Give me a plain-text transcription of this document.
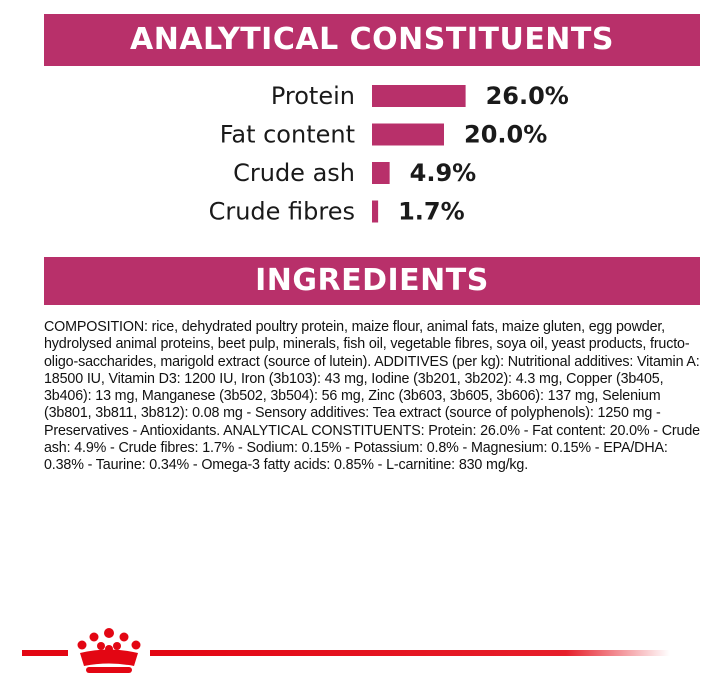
ANALYTICAL CONSTITUENTS
Protein	26.0%
Fat content	20.0%
Crude ash 4.9%
Crude fibres 1.7%
INGREDIENTS

COMPOSITION: rice, dehydrated poultry protein, maize flour, animal fats, maize gluten, egg powder, hydrolysed animal proteins, beet pulp, minerals, fish oil, vegetable fibres, soya oil, yeast products, fructo-oligo-saccharides, marigold extract (source of lutein). ADDITIVES (per kg): Nutritional additives: Vitamin A: 18500 IU, Vitamin D3: 1200 IU, Iron (3b103): 43 mg, Iodine (3b201, 3b202): 4.3 mg, Copper (3b405, 3b406): 13 mg, Manganese (3b502, 3b504): 56 mg, Zinc (3b603, 3b605, 3b606): 137 mg, Selenium (3b801, 3b811, 3b812): 0.08 mg - Sensory additives: Tea extract (source of polyphenols): 1250 mg - Preservatives - Antioxidants. ANALYTICAL CONSTITUENTS: Protein: 26.0% - Fat content: 20.0% - Crude ash: 4.9% - Crude fibres: 1.7% - Sodium: 0.15% - Potassium: 0.8% - Magnesium: 0.15% - EPA/DHA: 0.38% - Taurine: 0.34% - Omega-3 fatty acids: 0.85% - L-carnitine: 830 mg/kg.
